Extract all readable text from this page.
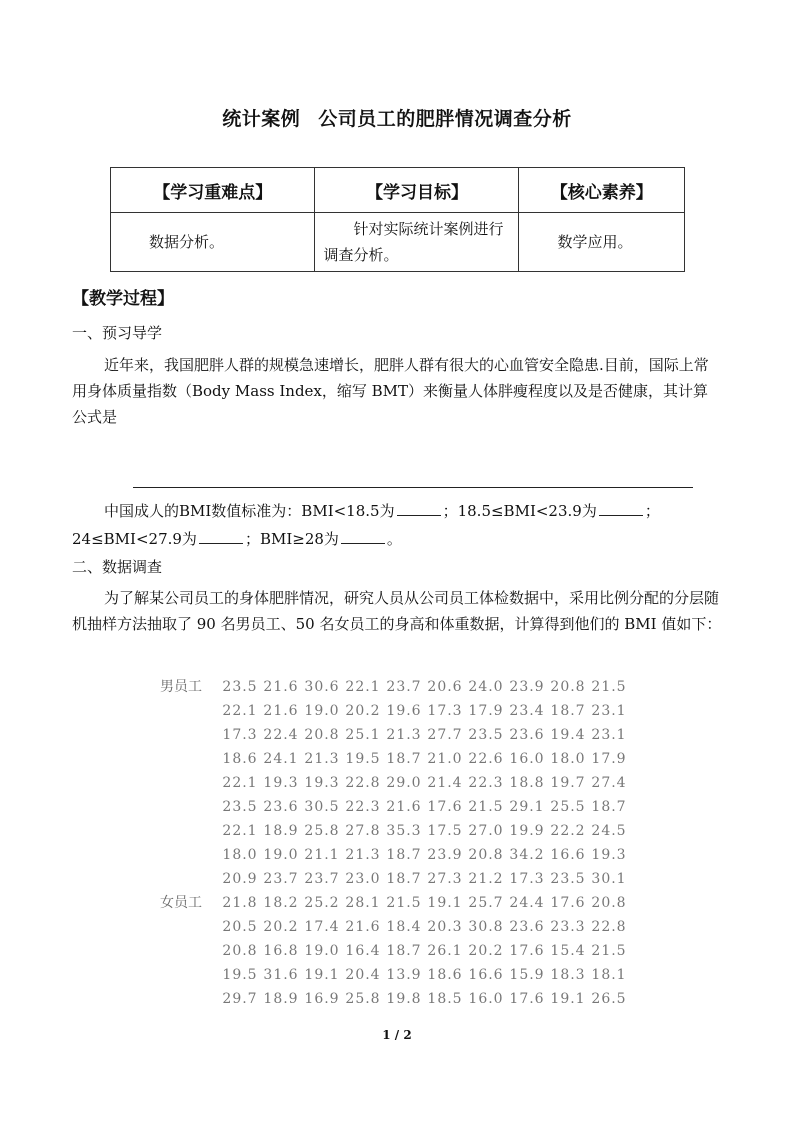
统计案例 公司员工的肥胖情况调查分析
【学习重难点】	【学习目标】	【核心素养】
数据分析。	针对实际统计案例进行调查分析。	数学应用。
【教学过程】
一、预习导学
近年来，我国肥胖人群的规模急速增长，肥胖人群有很大的心血管安全隐患.目前，国际上常用身体质量指数（Body Mass Index，缩写 BMT）来衡量人体胖瘦程度以及是否健康，其计算公式是
中国成人的BMI数值标准为：BMI<18.5为	；18.5≤BMI<23.9为	；
24≤BMI<27.9为	；BMI≥28为	。
二、数据调查
为了解某公司员工的身体肥胖情况，研究人员从公司员工体检数据中，采用比例分配的分层随机抽样方法抽取了 90 名男员工、50 名女员工的身高和体重数据，计算得到他们的 BMI 值如下：
男员工	23.5 21.6 30.6 22.1 23.7 20.6 24.0 23.9 20.8 21.5
22.1 21.6 19.0 20.2 19.6 17.3 17.9 23.4 18.7 23.1
17.3 22.4 20.8 25.1 21.3 27.7 23.5 23.6 19.4 23.1
18.6 24.1 21.3 19.5 18.7 21.0 22.6 16.0 18.0 17.9
22.1 19.3 19.3 22.8 29.0 21.4 22.3 18.8 19.7 27.4
23.5 23.6 30.5 22.3 21.6 17.6 21.5 29.1 25.5 18.7
22.1 18.9 25.8 27.8 35.3 17.5 27.0 19.9 22.2 24.5
18.0 19.0 21.1 21.3 18.7 23.9 20.8 34.2 16.6 19.3
20.9 23.7 23.7 23.0 18.7 27.3 21.2 17.3 23.5 30.1
女员工	21.8 18.2 25.2 28.1 21.5 19.1 25.7 24.4 17.6 20.8
20.5 20.2 17.4 21.6 18.4 20.3 30.8 23.6 23.3 22.8
20.8 16.8 19.0 16.4 18.7 26.1 20.2 17.6 15.4 21.5
19.5 31.6 19.1 20.4 13.9 18.6 16.6 15.9 18.3 18.1
29.7 18.9 16.9 25.8 19.8 18.5 16.0 17.6 19.1 26.5
1 / 2
